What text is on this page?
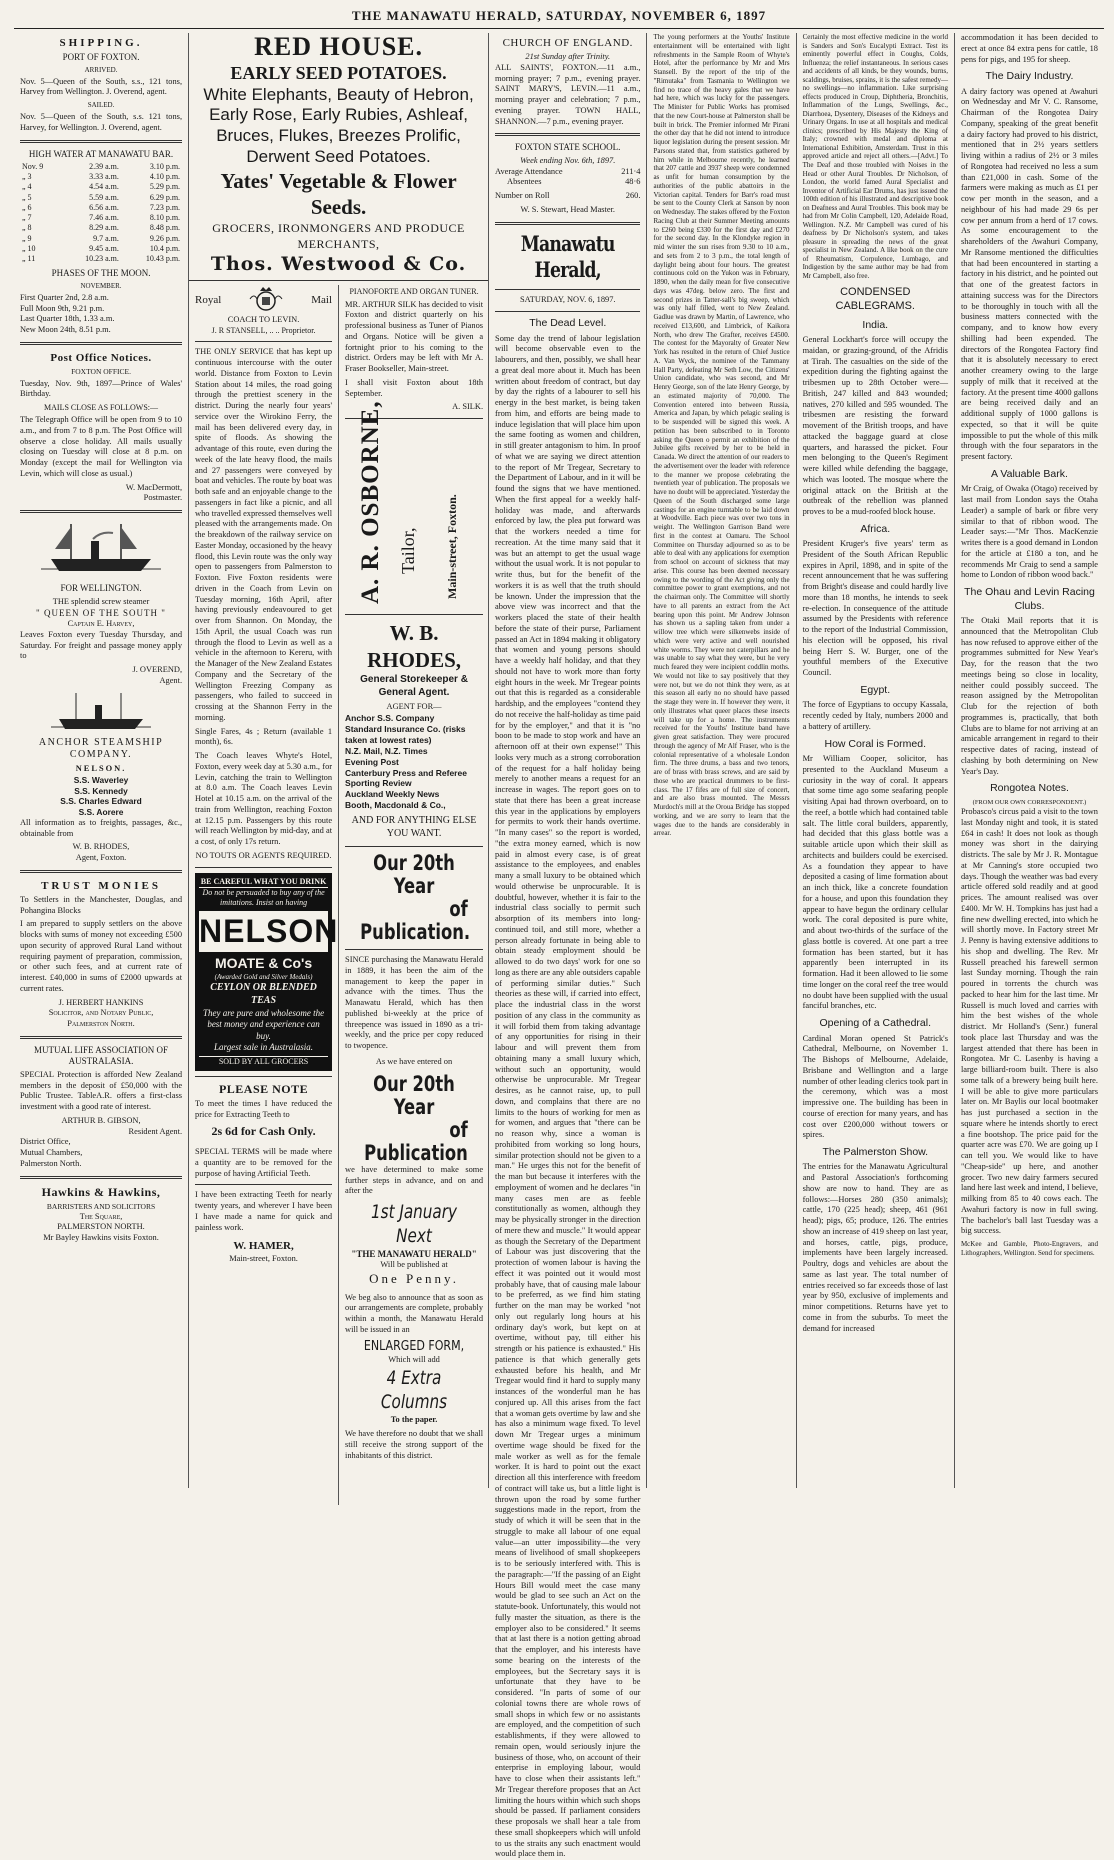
THE MANAWATU HERALD, SATURDAY, NOVEMBER 6, 1897
SHIPPING.
PORT OF FOXTON.
ARRIVED.

Nov. 5—Queen of the South, s.s., 121 tons, Harvey from Wellington. J. Overend, agent.

SAILED.

Nov. 5—Queen of the South, s.s. 121 tons, Harvey, for Wellington. J. Overend, agent.

HIGH WATER AT MANAWATU BAR.
Nov. 9	2.39 a.m.	3.10 p.m.
„ 3	3.33 a.m.	4.10 p.m.
„ 4	4.54 a.m.	5.29 p.m.
„ 5	5.59 a.m.	6.29 p.m.
„ 6	6.56 a.m.	7.23 p.m.
„ 7	7.46 a.m.	8.10 p.m.
„ 8	8.29 a.m.	8.48 p.m.
„ 9	9.7 a.m.	9.26 p.m.
„ 10	9.45 a.m.	10.4 p.m.
„ 11	10.23 a.m.	10.43 p.m.
PHASES OF THE MOON.
NOVEMBER.
First Quarter 2nd, 2.8 a.m.
Full Moon 9th, 9.21 p.m.
Last Quarter 18th, 1.33 a.m.
New Moon 24th, 8.51 p.m.
Post Office Notices.
FOXTON OFFICE.

Tuesday, Nov. 9th, 1897—Prince of Wales' Birthday.

MAILS CLOSE AS FOLLOWS:—

The Telegraph Office will be open from 9 to 10 a.m., and from 7 to 8 p.m. The Post Office will observe a close holiday. All mails usually closing on Tuesday will close at 8 p.m. on Monday (except the mail for Wellington via Levin, which will close as usual.)

W. MacDermott,
Postmaster.
FOR WELLINGTON.
THE splendid screw steamer
" QUEEN OF THE SOUTH "
Captain E. Harvey,

Leaves Foxton every Tuesday Thursday, and Saturday. For freight and passage money apply to

J. OVEREND,
Agent.
ANCHOR STEAMSHIP COMPANY.
NELSON.
S.S. Waverley
S.S. Kennedy
S.S. Charles Edward
S.S. Aorere

All information as to freights, passages, &c., obtainable from

W. B. RHODES,
Agent, Foxton.
TRUST MONIES

To Settlers in the Manchester, Douglas, and Pohangina Blocks

I am prepared to supply settlers on the above blocks with sums of money not exceeding £500 upon security of approved Rural Land without requiring payment of preparation, commission, or other such fees, and at current rate of interest. £40,000 in sums of £2000 upwards at current rates.

J. HERBERT HANKINS
Solicitor, and Notary Public,
Palmerston North.
MUTUAL LIFE ASSOCIATION OF AUSTRALASIA.

SPECIAL Protection is afforded New Zealand members in the deposit of £50,000 with the Public Trustee. TableA.R. offers a first-class investment with a good rate of interest.

ARTHUR B. GIBSON,
Resident Agent.
District Office,
Mutual Chambers,
Palmerston North.
Hawkins & Hawkins,
BARRISTERS AND SOLICITORS
The Square,
PALMERSTON NORTH.
Mr Bayley Hawkins visits Foxton.
RED HOUSE.
EARLY SEED POTATOES.
White Elephants, Beauty of Hebron, Early Rose, Early Rubies, Ashleaf, Bruces, Flukes, Breezes Prolific, Derwent Seed Potatoes.
Yates' Vegetable & Flower Seeds.
GROCERS, IRONMONGERS AND PRODUCE MERCHANTS,
Thos. Westwood & Co.
Royal	Mail
COACH TO LEVIN.
J. R STANSELL, .. .. Proprietor.

THE ONLY SERVICE that has kept up continuous intercourse with the outer world. Distance from Foxton to Levin Station about 14 miles, the road going through the prettiest scenery in the district. During the nearly four years' service over the Wirokino Ferry, the mail has been delivered every day, in spite of floods. As showing the advantage of this route, even during the week of the late heavy flood, the mails and 27 passengers were conveyed by boat and vehicles. The route by boat was both safe and an enjoyable change to the passengers in fact like a picnic, and all who travelled expressed themselves well pleased with the arrangements made. On the breakdown of the railway service on Easter Monday, occasioned by the heavy flood, this Levin route was the only way open to passengers from Palmerston to Foxton. Five Foxton residents were driven in the Coach from Levin on Tuesday morning, 16th April, after having previously endeavoured to get over from Shannon. On Monday, the 15th April, the usual Coach was run through the flood to Levin as well as a vehicle in the afternoon to Kereru, with the Manager of the New Zealand Estates Company and the Secretary of the Wellington Freezing Company as passengers, who failed to succeed in crossing at the Shannon Ferry in the morning.

Single Fares, 4s ; Return (available 1 month), 6s.

The Coach leaves Whyte's Hotel, Foxton, every week day at 5.30 a.m., for Levin, catching the train to Wellington at 8.0 a.m. The Coach leaves Levin Hotel at 10.15 a.m. on the arrival of the train from Wellington, reaching Foxton at 12.15 p.m. Passengers by this route will reach Wellington by mid-day, and at a cost, of only 17s return.

NO TOUTS OR AGENTS REQUIRED.
BE CAREFUL WHAT YOU DRINK
Do not be persuaded to buy any of the imitations. Insist on having
NELSON
MOATE & Co's
(Awarded Gold and Silver Medals)
CEYLON OR BLENDED TEAS
They are pure and wholesome the best money and experience can buy.
Largest sale in Australasia.
SOLD BY ALL GROCERS
PLEASE NOTE

To meet the times I have reduced the price for Extracting Teeth to

2s 6d for Cash Only.

SPECIAL TERMS will be made where a quantity are to be removed for the purpose of having Artificial Teeth.

I have been extracting Teeth for nearly twenty years, and wherever I have been I have made a name for quick and painless work.

W. HAMER,
Main-street, Foxton.
PIANOFORTE AND ORGAN TUNER.

MR. ARTHUR SILK has decided to visit Foxton and district quarterly on his professional business as Tuner of Pianos and Organs. Notice will be given a fortnight prior to his coming to the district. Orders may be left with Mr A. Fraser Bookseller, Main-street.

I shall visit Foxton about 18th September.

A. SILK.
A. R. OSBORNE, Tailor, Main-street, Foxton.
W. B. RHODES,
General Storekeeper & General Agent.
AGENT FOR—
Anchor S.S. Company
Standard Insurance Co. (risks taken at lowest rates)
N.Z. Mail, N.Z. Times
Evening Post
Canterbury Press and Referee
Sporting Review
Auckland Weekly News
Booth, Macdonald & Co.,
AND FOR ANYTHING ELSE YOU WANT.
Our 20th Year
of Publication.

SINCE purchasing the Manawatu Herald in 1889, it has been the aim of the management to keep the paper in advance with the times. Thus the Manawatu Herald, which has then published bi-weekly at the price of threepence was issued in 1890 as a tri-weekly, and the price per copy reduced to twopence.

As we have entered on
Our 20th Year
of Publication

we have determined to make some further steps in advance, and on and after the

1st January Next
"THE MANAWATU HERALD"
Will be published at
One Penny.

We beg also to announce that as soon as our arrangements are complete, probably within a month, the Manawatu Herald will be issued in an

ENLARGED FORM,
Which will add
4 Extra Columns
To the paper.

We have therefore no doubt that we shall still receive the strong support of the inhabitants of this district.

CHURCH OF ENGLAND.
21st Sunday after Trinity.

ALL SAINTS', FOXTON.—11 a.m., morning prayer; 7 p.m., evening prayer. SAINT MARY'S, LEVIN.—11 a.m., morning prayer and celebration; 7 p.m., evening prayer. TOWN HALL, SHANNON.—7 p.m., evening prayer.

FOXTON STATE SCHOOL.
Week ending Nov. 6th, 1897.
Average Attendance	211·4
Absentees	48·6
Number on Roll	260.
W. S. Stewart, Head Master.
Manawatu Herald,
SATURDAY, NOV. 6, 1897.
The Dead Level.

Some day the trend of labour legislation will become observable even to the labourers, and then, possibly, we shall hear a great deal more about it. Much has been written about freedom of contract, but day by day the rights of a labourer to sell his energy in the best market, is being taken from him, and efforts are being made to induce legislation that will place him upon the same footing as women and children, in still greater antagonism to him. In proof of what we are saying we direct attention to the report of Mr Tregear, Secretary to the Department of Labour, and in it will be found the signs that we have mentioned. When the first appeal for a weekly half-holiday was made, and afterwards enforced by law, the plea put forward was that the workers needed a time for recreation. At the time many said that it was but an attempt to get the usual wage without the usual work. It is not popular to write thus, but for the benefit of the workers it is as well that the truth should be known. Under the impression that the above view was incorrect and that the workers placed the state of their health before the state of their purse, Parliament passed an Act in 1894 making it obligatory that women and young persons should have a weekly half holiday, and that they should not have to work more than forty eight hours in the week. Mr Tregear points out that this is regarded as a considerable hardship, and the employees "contend they do not receive the half-holiday as time paid for by the employer," and that it is "no boon to be made to stop work and have an afternoon off at their own expense!" This looks very much as a strong corroboration of the request for a half holiday being merely to another means a request for an increase in wages. The report goes on to state that there has been a great increase this year in the applications by employers for permits to work their hands overtime. "In many cases" so the report is worded, "the extra money earned, which is now paid in almost every case, is of great assistance to the employees, and enables many a small luxury to be obtained which would otherwise be unprocurable. It is doubtful, however, whether it is fair to the industrial class socially to permit such absorption of its members into long-continued toil, and still more, whether a person already fortunate in being able to obtain steady employment should be allowed to do two days' work for one so long as there are any able outsiders capable of performing similar duties." Such theories as these will, if carried into effect, place the industrial class in the worst position of any class in the community as it will forbid them from taking advantage of any opportunities for rising in their labour and will prevent them from obtaining many a small luxury which, without such an opportunity, would otherwise be unprocurable. Mr Tregear desires, as he cannot raise, up, to pull down, and complains that there are no limits to the hours of working for men as for women, and argues that "there can be no reason why, since a woman is prohibited from working so long hours, similar protection should not be given to a man." He urges this not for the benefit of the man but because it interferes with the employment of women and he declares "in many cases men are as feeble constitutionally as women, although they may be physically stronger in the direction of mere thew and muscle." It would appear as though the Secretary of the Department of Labour was just discovering that the protection of women labour is having the effect it was pointed out it would most probably have, that of causing male labour to be preferred, as we find him stating further on the man may be worked "not only out regularly long hours at his ordinary day's work, but kept on at overtime, without pay, till either his strength or his patience is exhausted." His patience is that which generally gets exhausted before his health, and Mr Tregear would find it hard to supply many instances of the wonderful man he has conjured up. All this arises from the fact that a woman gets overtime by law and she has also a minimum wage fixed. To level down Mr Tregear urges a minimum overtime wage should be fixed for the male worker as well as for the female worker. It is hard to point out the exact direction all this interference with freedom of contract will take us, but a little light is thrown upon the road by some further suggestions made in the report, from the study of which it will be seen that in the struggle to make all labour of one equal value—an utter impossibility—the very means of livelihood of small shopkeepers is to be seriously interfered with. This is the paragraph:—"If the passing of an Eight Hours Bill would meet the case many would be glad to see such an Act on the statute-book. Unfortunately, this would not fully master the situation, as there is the employer also to be considered." It seems that at last there is a notion getting abroad that the employer, and his interests have some bearing on the interests of the employees, but the Secretary says it is unfortunate that they have to be considered. "In parts of some of our colonial towns there are whole rows of small shops in which few or no assistants are employed, and the competition of such establishments, if they were allowed to remain open, would seriously injure the business of those, who, on account of their enterprise in employing labour, would have to close when their assistants left." Mr Tregear therefore proposes that an Act limiting the hours within which such shops should be passed. If parliament considers these proposals we shall hear a tale from these small shopkeepers which will unfold to us the straits any such enactment would would place them in.

The young performers at the Youths' Institute entertainment will be entertained with light refreshments in the Sample Room of Whyte's Hotel, after the performance by Mr and Mrs Stansell. By the report of the trip of the "Rimutaka" from Tasmania to Wellington we find no trace of the heavy gales that we have had here, which was lucky for the passengers. The Minister for Public Works has promised that the new Court-house at Palmerston shall be built in brick. The Premier informed Mr Pirani the other day that he did not intend to introduce liquor legislation during the present session. Mr Parsons stated that, from statistics gathered by him while in Melbourne recently, he learned that 207 cattle and 3937 sheep were condemned as unfit for human consumption by the authorities of the public abattoirs in the Victorian capital. Tenders for Barr's road must be sent to the County Clerk at Sanson by noon on Wednesday. The stakes offered by the Foxton Racing Club at their Summer Meeting amounts to £260 being £330 for the first day and £270 for the second day. In the Klondyke region in mid winter the sun rises from 9.30 to 10 a.m., and sets from 2 to 3 p.m., the total length of daylight being about four hours. The greatest continuous cold on the Yukon was in February, 1890, when the daily mean for five consecutive days was 47deg. below zero. The first and second prizes in Tatter-sall's big sweep, which was only half filled, went to New Zealand. Gadlue was drawn by Martin, of Lawrence, who received £13,600, and Limbrick, of Kaikora North, who drew The Grafter, receives £4500. The contest for the Mayoralty of Greater New York has resulted in the return of Chief Justice A. Van Wyck, the nominee of the Tammany Hall Party, defeating Mr Seth Low, the Citizens' Union candidate, who was second, and Mr Henry George, son of the late Henry George, by an estimated majority of 70,000. The Convention entered into between Russia, America and Japan, by which pelagic sealing is to be suspended will be signed this week. A petition has been subscribed to in Toronto asking the Queen o permit an exhibition of the Jubilee gifts received by her to be held in Canada. We direct the attention of our readers to the advertisement over the leader with reference to the manner we propose celebrating the twentieth year of publication. The proposals we have no doubt will be appreciated. Yesterday the Queen of the South discharged some large castings for an engine turntable to be laid down at Woodville. Each piece was over two tons in weight. The Wellington Garrison Band were first in the contest at Oamaru. The School Committee on Thursday adjourned so as to be able to deal with any applications for exemption from school on account of sickness that may arise. This course has been deemed necessary owing to the wording of the Act giving only the committee power to grant exemptions, and not the chairman only. The Committee will shortly have to all parents an extract from the Act bearing upon this point. Mr Andrew Johnson has shown us a sapling taken from under a willow tree which were silkenwebs inside of which were very active and well nourished white worms. They were not caterpillars and he was unable to say what they were, but he very much feared they were incipient coddlin moths. We would not like to say positively that they were not, but we do not think they were, as at this season all early no no should have passed the stage they were in. If however they were, it only illustrates what queer places these insects will take up for a home. The instruments received for the Youths' Institute band have given great satisfaction. They were procured through the agency of Mr Alf Fraser, who is the colonial representative of a wholesale London firm. The three drums, a bass and two tenors, are of brass with brass screws, and are said by those who are practical drummers to be first-class. The 17 fifes are of full size of concert, and are also brass mounted. The Messrs Murdoch's mill at the Oroua Bridge has stopped working, and we are sorry to learn that the wages due to the hands are considerably in arrear.

Certainly the most effective medicine in the world is Sanders and Son's Eucalypti Extract. Test its eminently powerful effect in Coughs, Colds, Influenza; the relief instantaneous. In serious cases and accidents of all kinds, be they wounds, burns, scaldings, bruises, sprains, it is the safest remedy—no swellings—no inflammation. Like surprising effects produced in Croup, Diphtheria, Bronchitis, Inflammation of the Lungs, Swellings, &c., Diarrhoea, Dysentery, Diseases of the Kidneys and Urinary Organs. In use at all hospitals and medical clinics; prescribed by His Majesty the King of Italy; crowned with medal and diploma at International Exhibition, Amsterdam. Trust in this approved article and reject all others.—[Advt.] To The Deaf and those troubled with Noises in the Head or other Aural Troubles. Dr Nicholson, of London, the world famed Aural Specialist and Inventor of Artificial Ear Drums, has just issued the 100th edition of his illustrated and descriptive book on Deafness and Aural Troubles. This book may be had from Mr Colin Campbell, 120, Adelaide Road, Wellington. N.Z. Mr Campbell was cured of his deafness by Dr Nicholson's system, and takes pleasure in spreading the news of the great specialist in New Zealand. A like book on the cure of Rheumatism, Corpulence, Lumbago, and Indigestion by the same author may be had from Mr Campbell, also free.

CONDENSED CABLEGRAMS.
India.

General Lockhart's force will occupy the maidan, or grazing-ground, of the Afridis at Tirah. The casualties on the side of the expedition during the fighting against the tribesmen up to 28th October were—British, 247 killed and 843 wounded; natives, 270 killed and 595 wounded. The tribesmen are resisting the forward movement of the British troops, and have attacked the baggage guard at close quarters, and harassed the picket. Four men belonging to the Queen's Regiment were killed while defending the baggage, which was looted. The mosque where the original attack on the British at the outbreak of the rebellion was planned proves to be a mud-roofed block house.

Africa.

President Kruger's five years' term as President of the South African Republic expires in April, 1898, and in spite of the recent announcement that he was suffering from Bright's disease and could hardly live more than 18 months, he intends to seek re-election. In consequence of the attitude assumed by the Presidents with reference to the report of the Industrial Commission, his election will be opposed, his rival being Herr S. W. Burger, one of the youthful members of the Executive Council.

Egypt.

The force of Egyptians to occupy Kassala, recently ceded by Italy, numbers 2000 and a battery of artillery.

How Coral is Formed.

Mr William Cooper, solicitor, has presented to the Auckland Museum a curiosity in the way of coral. It appears that some time ago some seafaring people visiting Apai had thrown overboard, on to the reef, a bottle which had contained table salt. The little coral builders, apparently, had decided that this glass bottle was a suitable article upon which their skill as architects and builders could be exercised. As a foundation they appear to have deposited a casing of lime formation about an inch thick, like a concrete foundation for a house, and upon this foundation they appear to have begun the ordinary cellular work. The coral deposited is pure white, and about two-thirds of the surface of the glass bottle is covered. At one part a tree formation has been started, but it has apparently been interrupted in its formation. Had it been allowed to lie some time longer on the coral reef the tree would no doubt have been supplied with the usual fanciful branches, etc.

Opening of a Cathedral.

Cardinal Moran opened St Patrick's Cathedral, Melbourne, on November 1. The Bishops of Melbourne, Adelaide, Brisbane and Wellington and a large number of other leading clerics took part in the ceremony, which was a most impressive one. The building has been in course of erection for many years, and has cost over £200,000 without towers or spires.

The Palmerston Show.

The entries for the Manawatu Agricultural and Pastoral Association's forthcoming show are now to hand. They are as follows:—Horses 280 (350 animals); cattle, 170 (225 head); sheep, 461 (961 head); pigs, 65; produce, 126. The entries show an increase of 419 sheep on last year, and horses, cattle, pigs, produce, implements have been largely increased. Poultry, dogs and vehicles are about the same as last year. The total number of entries received so far exceeds those of last year by 950, exclusive of implements and minor competitions. Returns have yet to come in from the suburbs. To meet the demand for increased

accommodation it has been decided to erect at once 84 extra pens for cattle, 18 pens for pigs, and 195 for sheep.

The Dairy Industry.

A dairy factory was opened at Awahuri on Wednesday and Mr V. C. Ransome, Chairman of the Rongotea Dairy Company, speaking of the great benefit a dairy factory had proved to his district, mentioned that in 2½ years settlers living within a radius of 2½ or 3 miles of Rongotea had received no less a sum than £21,000 in cash. Some of the farmers were making as much as £1 per cow per month in the season, and a neighbour of his had made 29 6s per cow per annum from a herd of 17 cows. As some encouragement to the shareholders of the Awahuri Company, Mr Ransome mentioned the difficulties that had been encountered in starting a factory in his district, and he pointed out that one of the greatest factors in attaining success was for the Directors to be thoroughly in touch with all the business matters connected with the company, and to know how every shilling had been expended. The directors of the Rongotea Factory find that it is absolutely necessary to erect another creamery owing to the large supply of milk that it received at the factory. At the present time 4000 gallons are being received daily and an additional supply of 1000 gallons is expected, so that it will be quite impossible to put the whole of this milk through with the four separators in the present factory.

A Valuable Bark.

Mr Craig, of Owaka (Otago) received by last mail from London says the Otaha Leader) a sample of bark or fibre very similar to that of ribbon wood. The Leader says:—"Mr Thos. MacKenzie writes there is a good demand in London for the article at £180 a ton, and he recommends Mr Craig to send a sample home to London of ribbon wood back."

The Ohau and Levin Racing Clubs.

The Otaki Mail reports that it is announced that the Metropolitan Club has now refused to approve either of the programmes submitted for New Year's Day, for the reason that the two meetings being so close in locality, neither could possibly succeed. The reason assigned by the Metropolitan Club for the rejection of both programmes is, practically, that both Clubs are to blame for not arriving at an amicable arrangement in regard to their respective dates of racing, instead of clashing by both determining on New Year's Day.

Rongotea Notes.
(FROM OUR OWN CORRESPONDENT.)

Probasco's circus paid a visit to the town last Monday night and took, it is stated £64 in cash! It does not look as though money was short in the dairying districts. The sale by Mr J. R. Montague at Mr Canning's store occupied two days. Though the weather was bad every article offered sold readily and at good prices. The amount realised was over £400. Mr W. H. Tompkins has just had a fine new dwelling erected, into which he will shortly move. In Factory street Mr J. Penny is having extensive additions to his shop and dwelling. The Rev. Mr Russell preached his farewell sermon last Sunday morning. Though the rain poured in torrents the church was packed to hear him for the last time. Mr Russell is much loved and carries with him the best wishes of the whole district. Mr Holland's (Senr.) funeral took place last Thursday and was the largest attended that there has been in Rongotea. Mr C. Lasenby is having a large billiard-room built. There is also some talk of a brewery being built here. I will be able to give more particulars later on. Mr Baylis our local bootmaker has just purchased a section in the square where he intends shortly to erect a fine bootshop. The price paid for the quarter acre was £70. We are going up I can tell you. We would like to have "Cheap-side" up here, and another grocer. Two new dairy farmers secured land here last week and intend, I believe, milking from 85 to 40 cows each. The Awahuri factory is now in full swing. The bachelor's ball last Tuesday was a big success.

McKee and Gamble, Photo-Engravers, and Lithographers, Wellington. Send for specimens.
